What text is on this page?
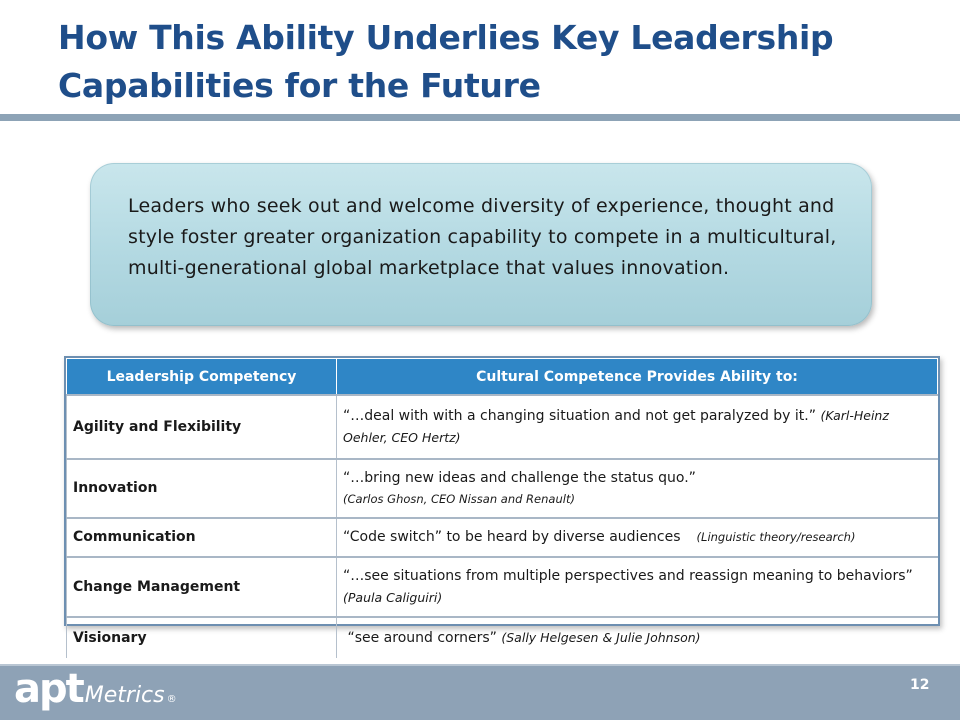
How This Ability Underlies Key Leadership Capabilities for the Future

Leaders who seek out and welcome diversity of experience, thought and style foster greater organization capability to compete in a multicultural, multi-generational global marketplace that values innovation.

Leadership Competency	Cultural Competence Provides Ability to:
Agility and Flexibility	“…deal with with a changing situation and not get paralyzed by it.” (Karl-Heinz Oehler, CEO Hertz)
Innovation	“…bring new ideas and challenge the status quo.”
(Carlos Ghosn, CEO Nissan and Renault)
Communication	“Code switch” to be heard by diverse audiences (Linguistic theory/research)
Change Management	“…see situations from multiple perspectives and reassign meaning to behaviors” (Paula Caliguiri)
Visionary	“see around corners” (Sally Helgesen & Julie Johnson)
apt Metrics ®
12
